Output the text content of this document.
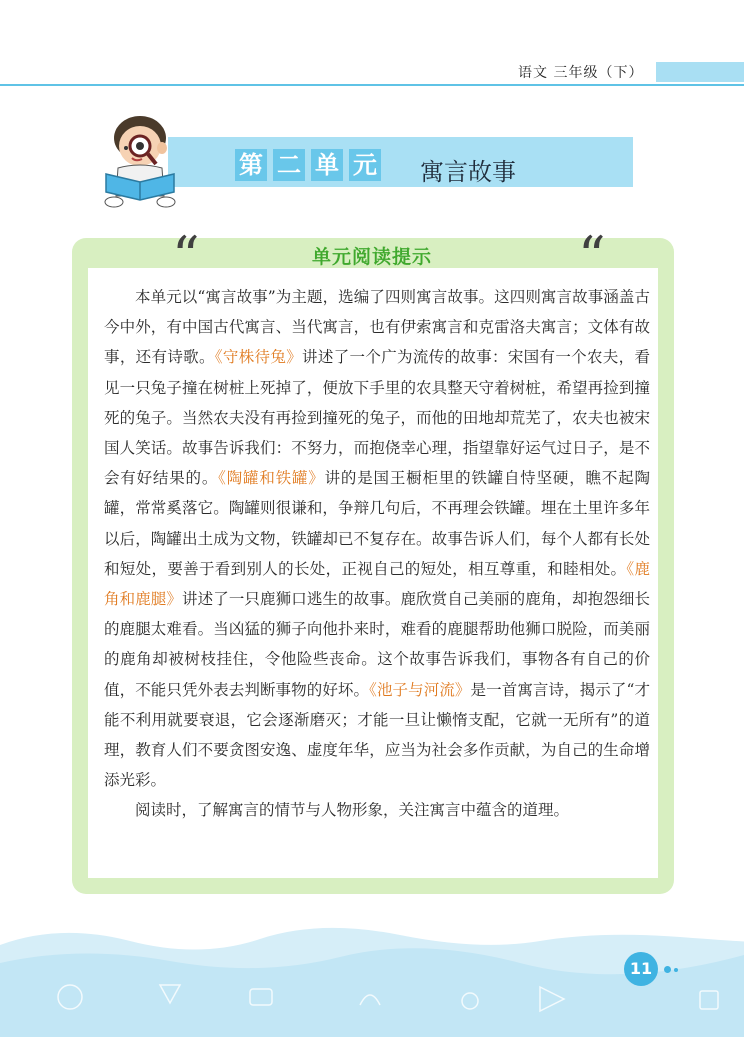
语文 三年级（下）
第 二 单 元 寓言故事
“	“
单元阅读提示

本单元以“寓言故事”为主题，选编了四则寓言故事。这四则寓言故事涵盖古今中外，有中国古代寓言、当代寓言，也有伊索寓言和克雷洛夫寓言；文体有故事，还有诗歌。《守株待兔》讲述了一个广为流传的故事：宋国有一个农夫，看见一只兔子撞在树桩上死掉了，便放下手里的农具整天守着树桩，希望再捡到撞死的兔子。当然农夫没有再捡到撞死的兔子，而他的田地却荒芜了，农夫也被宋国人笑话。故事告诉我们：不努力，而抱侥幸心理，指望靠好运气过日子，是不会有好结果的。《陶罐和铁罐》讲的是国王橱柜里的铁罐自恃坚硬，瞧不起陶罐，常常奚落它。陶罐则很谦和，争辩几句后，不再理会铁罐。埋在土里许多年以后，陶罐出土成为文物，铁罐却已不复存在。故事告诉人们，每个人都有长处和短处，要善于看到别人的长处，正视自己的短处，相互尊重，和睦相处。《鹿角和鹿腿》讲述了一只鹿狮口逃生的故事。鹿欣赏自己美丽的鹿角，却抱怨细长的鹿腿太难看。当凶猛的狮子向他扑来时，难看的鹿腿帮助他狮口脱险，而美丽的鹿角却被树枝挂住，令他险些丧命。这个故事告诉我们，事物各有自己的价值，不能只凭外表去判断事物的好坏。《池子与河流》是一首寓言诗，揭示了“才能不利用就要衰退，它会逐渐磨灭；才能一旦让懒惰支配，它就一无所有”的道理，教育人们不要贪图安逸、虚度年华，应当为社会多作贡献，为自己的生命增添光彩。

阅读时，了解寓言的情节与人物形象，关注寓言中蕴含的道理。

11
